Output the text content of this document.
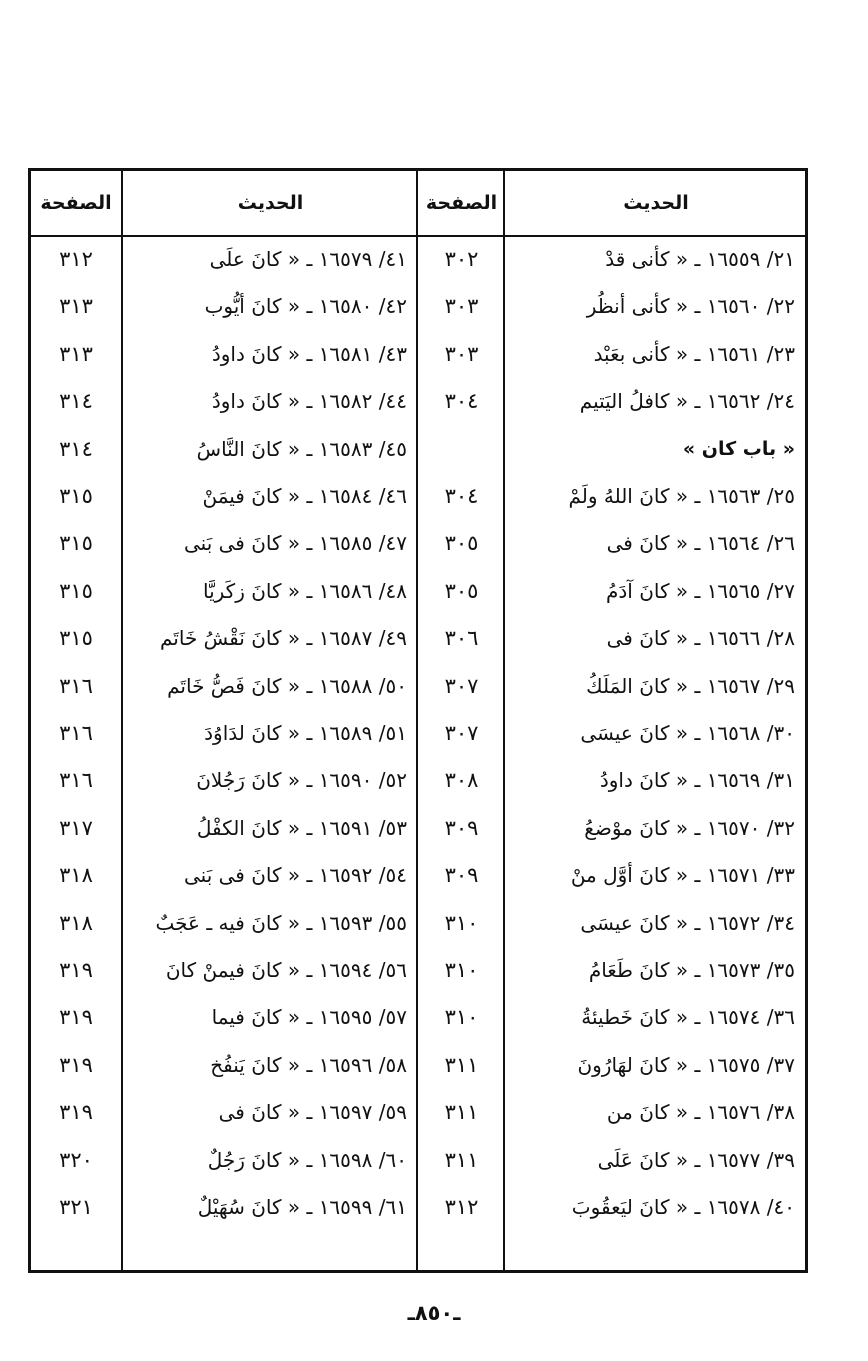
الحديث
الصفحة
الحديث
الصفحة
٢١/ ١٦٥٥٩ ـ « كأنى قدْ
٣٠٢
٢٢/ ١٦٥٦٠ ـ « كأنى أنظُر
٣٠٣
٢٣/ ١٦٥٦١ ـ « كأنى بعَبْد
٣٠٣
٢٤/ ١٦٥٦٢ ـ « كافلُ اليَتيم
٣٠٤
« باب كان »
٢٥/ ١٦٥٦٣ ـ « كانَ اللهُ ولَمْ
٣٠٤
٢٦/ ١٦٥٦٤ ـ « كانَ فى
٣٠٥
٢٧/ ١٦٥٦٥ ـ « كانَ آدَمُ
٣٠٥
٢٨/ ١٦٥٦٦ ـ « كانَ فى
٣٠٦
٢٩/ ١٦٥٦٧ ـ « كانَ المَلَكُ
٣٠٧
٣٠/ ١٦٥٦٨ ـ « كانَ عيسَى
٣٠٧
٣١/ ١٦٥٦٩ ـ « كانَ داودُ
٣٠٨
٣٢/ ١٦٥٧٠ ـ « كانَ موْضعُ
٣٠٩
٣٣/ ١٦٥٧١ ـ « كانَ أوَّل منْ
٣٠٩
٣٤/ ١٦٥٧٢ ـ « كانَ عيسَى
٣١٠
٣٥/ ١٦٥٧٣ ـ « كانَ طَعَامُ
٣١٠
٣٦/ ١٦٥٧٤ ـ « كانَ خَطيئةُ
٣١٠
٣٧/ ١٦٥٧٥ ـ « كانَ لهَارُونَ
٣١١
٣٨/ ١٦٥٧٦ ـ « كانَ من
٣١١
٣٩/ ١٦٥٧٧ ـ « كانَ عَلَى
٣١١
٤٠/ ١٦٥٧٨ ـ « كانَ ليَعقُوبَ
٣١٢
٤١/ ١٦٥٧٩ ـ « كانَ علَى
٣١٢
٤٢/ ١٦٥٨٠ ـ « كانَ أيُّوب
٣١٣
٤٣/ ١٦٥٨١ ـ « كانَ داودُ
٣١٣
٤٤/ ١٦٥٨٢ ـ « كانَ داودُ
٣١٤
٤٥/ ١٦٥٨٣ ـ « كانَ النَّاسُ
٣١٤
٤٦/ ١٦٥٨٤ ـ « كانَ فيمَنْ
٣١٥
٤٧/ ١٦٥٨٥ ـ « كانَ فى بَنى
٣١٥
٤٨/ ١٦٥٨٦ ـ « كانَ زكَريَّا
٣١٥
٤٩/ ١٦٥٨٧ ـ « كانَ نَقْشُ خَاتَم
٣١٥
٥٠/ ١٦٥٨٨ ـ « كانَ فَصُّ خَاتَم
٣١٦
٥١/ ١٦٥٨٩ ـ « كانَ لدَاوُدَ
٣١٦
٥٢/ ١٦٥٩٠ ـ « كانَ رَجُلانَ
٣١٦
٥٣/ ١٦٥٩١ ـ « كانَ الكفْلُ
٣١٧
٥٤/ ١٦٥٩٢ ـ « كانَ فى بَنى
٣١٨
٥٥/ ١٦٥٩٣ ـ « كانَ فيه ـ عَجَبٌ
٣١٨
٥٦/ ١٦٥٩٤ ـ « كانَ فيمنْ كانَ
٣١٩
٥٧/ ١٦٥٩٥ ـ « كانَ فيما
٣١٩
٥٨/ ١٦٥٩٦ ـ « كانَ يَنفُخ
٣١٩
٥٩/ ١٦٥٩٧ ـ « كانَ فى
٣١٩
٦٠/ ١٦٥٩٨ ـ « كانَ رَجُلٌ
٣٢٠
٦١/ ١٦٥٩٩ ـ « كانَ سُهَيْلٌ
٣٢١
ـ٨٥٠ـ
